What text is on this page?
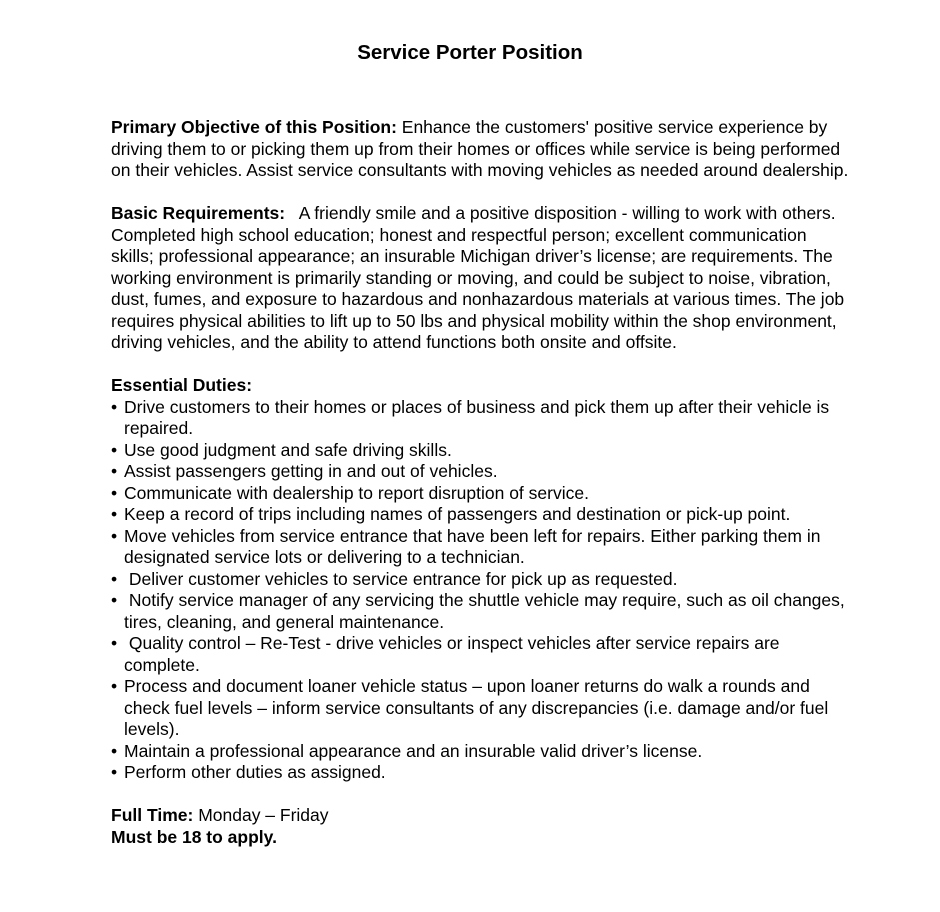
Service Porter Position

Primary Objective of this Position: Enhance the customers' positive service experience by driving them to or picking them up from their homes or offices while service is being performed on their vehicles. Assist service consultants with moving vehicles as needed around dealership.

Basic Requirements:   A friendly smile and a positive disposition - willing to work with others. Completed high school education; honest and respectful person; excellent communication skills; professional appearance; an insurable Michigan driver’s license; are requirements. The working environment is primarily standing or moving, and could be subject to noise, vibration, dust, fumes, and exposure to hazardous and nonhazardous materials at various times. The job requires physical abilities to lift up to 50 lbs and physical mobility within the shop environment, driving vehicles, and the ability to attend functions both onsite and offsite.

Essential Duties:

• Drive customers to their homes or places of business and pick them up after their vehicle is repaired.
• Use good judgment and safe driving skills.
• Assist passengers getting in and out of vehicles.
• Communicate with dealership to report disruption of service.
• Keep a record of trips including names of passengers and destination or pick-up point.
• Move vehicles from service entrance that have been left for repairs. Either parking them in designated service lots or delivering to a technician.
• Deliver customer vehicles to service entrance for pick up as requested.
• Notify service manager of any servicing the shuttle vehicle may require, such as oil changes, tires, cleaning, and general maintenance.
• Quality control – Re-Test - drive vehicles or inspect vehicles after service repairs are complete.
• Process and document loaner vehicle status – upon loaner returns do walk a rounds and check fuel levels – inform service consultants of any discrepancies (i.e. damage and/or fuel levels).
• Maintain a professional appearance and an insurable valid driver’s license.
• Perform other duties as assigned.

Full Time: Monday – Friday

Must be 18 to apply.
